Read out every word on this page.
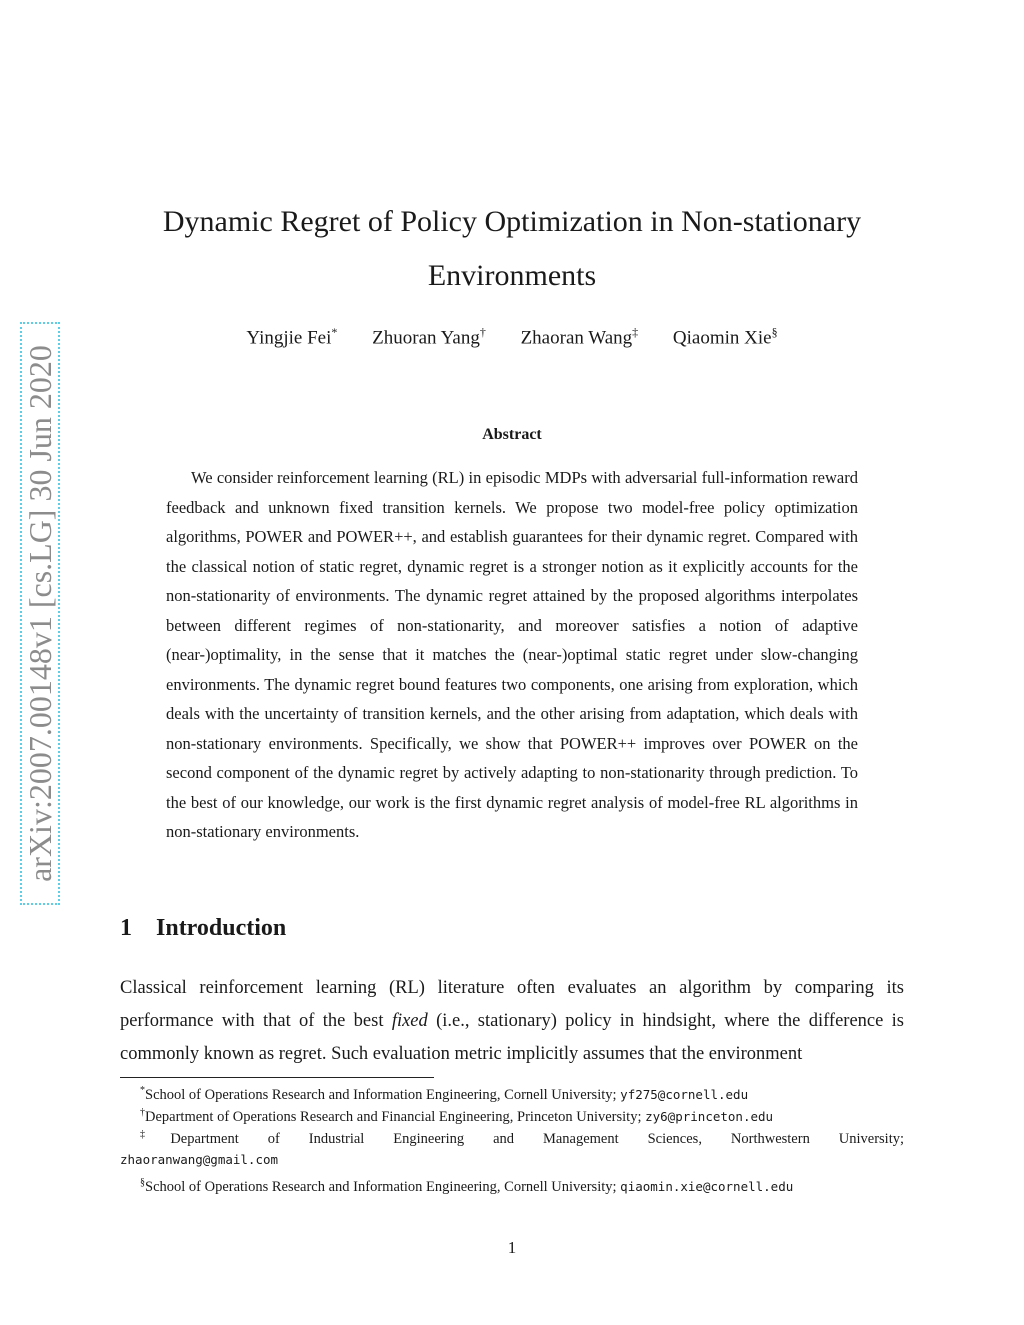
arXiv:2007.00148v1 [cs.LG] 30 Jun 2020
Dynamic Regret of Policy Optimization in Non-stationary Environments
Yingjie Fei* Zhuoran Yang† Zhaoran Wang‡ Qiaomin Xie§
Abstract

We consider reinforcement learning (RL) in episodic MDPs with adversarial full-information reward feedback and unknown fixed transition kernels. We propose two model-free policy optimization algorithms, POWER and POWER++, and establish guarantees for their dynamic regret. Compared with the classical notion of static regret, dynamic regret is a stronger notion as it explicitly accounts for the non-stationarity of environments. The dynamic regret attained by the proposed algorithms interpolates between different regimes of non-stationarity, and moreover satisfies a notion of adaptive (near-)optimality, in the sense that it matches the (near-)optimal static regret under slow-changing environments. The dynamic regret bound features two components, one arising from exploration, which deals with the uncertainty of transition kernels, and the other arising from adaptation, which deals with non-stationary environments. Specifically, we show that POWER++ improves over POWER on the second component of the dynamic regret by actively adapting to non-stationarity through prediction. To the best of our knowledge, our work is the first dynamic regret analysis of model-free RL algorithms in non-stationary environments.

1 Introduction

Classical reinforcement learning (RL) literature often evaluates an algorithm by comparing its performance with that of the best fixed (i.e., stationary) policy in hindsight, where the difference is commonly known as regret. Such evaluation metric implicitly assumes that the environment

*School of Operations Research and Information Engineering, Cornell University; yf275@cornell.edu

†Department of Operations Research and Financial Engineering, Princeton University; zy6@princeton.edu

‡Department of Industrial Engineering and Management Sciences, Northwestern University;

zhaoranwang@gmail.com

§School of Operations Research and Information Engineering, Cornell University; qiaomin.xie@cornell.edu

1
